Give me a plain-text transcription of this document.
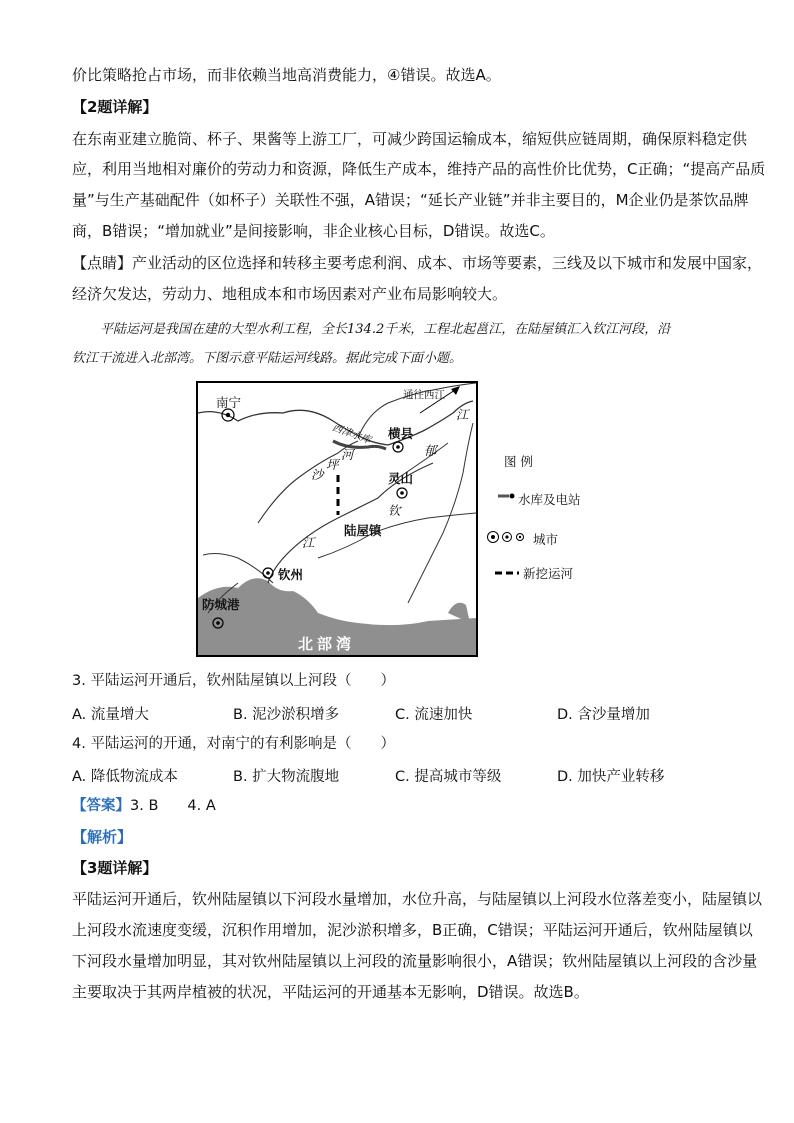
价比策略抢占市场，而非依赖当地高消费能力，④错误。故选A。
【2题详解】
在东南亚建立脆筒、杯子、果酱等上游工厂，可减少跨国运输成本，缩短供应链周期，确保原料稳定供
应，利用当地相对廉价的劳动力和资源，降低生产成本，维持产品的高性价比优势，C正确；“提高产品质
量”与生产基础配件（如杯子）关联性不强，A错误；“延长产业链”并非主要目的，M企业仍是茶饮品牌
商，B错误；“增加就业”是间接影响，非企业核心目标，D错误。故选C。
【点睛】产业活动的区位选择和转移主要考虑利润、成本、市场等要素，三线及以下城市和发展中国家，
经济欠发达，劳动力、地租成本和市场因素对产业布局影响较大。
平陆运河是我国在建的大型水利工程，全长134.2千米，工程北起邕江，在陆屋镇汇入钦江河段，沿
钦江干流进入北部湾。下图示意平陆运河线路。据此完成下面小题。
南宁	通往西江
江
西津水库 横县
郁
沙
坪
河
灵山
钦
陆屋镇
江
钦州
防城港
北部湾
图 例
水库及电站
城市
新挖运河
3. 平陆运河开通后，钦州陆屋镇以上河段（　　）
A. 流量增大	B. 泥沙淤积增多	C. 流速加快	D. 含沙量增加
4. 平陆运河的开通，对南宁的有利影响是（　　）
A. 降低物流成本	B. 扩大物流腹地	C. 提高城市等级	D. 加快产业转移
【答案】3. B　　4. A
【解析】
【3题详解】
平陆运河开通后，钦州陆屋镇以下河段水量增加，水位升高，与陆屋镇以上河段水位落差变小，陆屋镇以
上河段水流速度变缓，沉积作用增加，泥沙淤积增多，B正确，C错误；平陆运河开通后，钦州陆屋镇以
下河段水量增加明显，其对钦州陆屋镇以上河段的流量影响很小，A错误；钦州陆屋镇以上河段的含沙量
主要取决于其两岸植被的状况，平陆运河的开通基本无影响，D错误。故选B。
